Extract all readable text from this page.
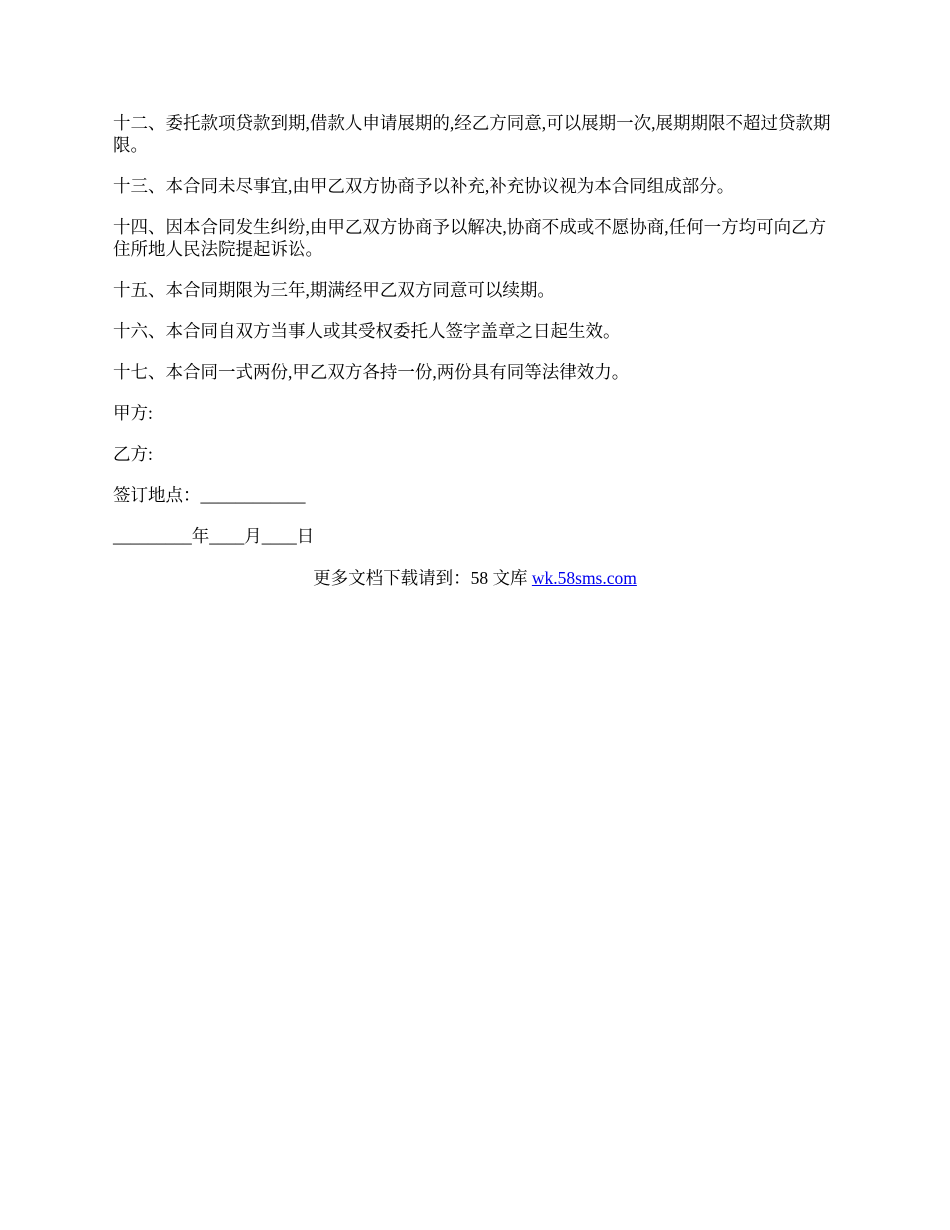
十二、委托款项贷款到期,借款人申请展期的,经乙方同意,可以展期一次,展期期限不超过贷款期限。

十三、本合同未尽事宜,由甲乙双方协商予以补充,补充协议视为本合同组成部分。

十四、因本合同发生纠纷,由甲乙双方协商予以解决,协商不成或不愿协商,任何一方均可向乙方住所地人民法院提起诉讼。

十五、本合同期限为三年,期满经甲乙双方同意可以续期。

十六、本合同自双方当事人或其受权委托人签字盖章之日起生效。

十七、本合同一式两份,甲乙双方各持一份,两份具有同等法律效力。

甲方:

乙方:

签订地点：____________

_________年____月____日

更多文档下载请到：58 文库 wk.58sms.com
